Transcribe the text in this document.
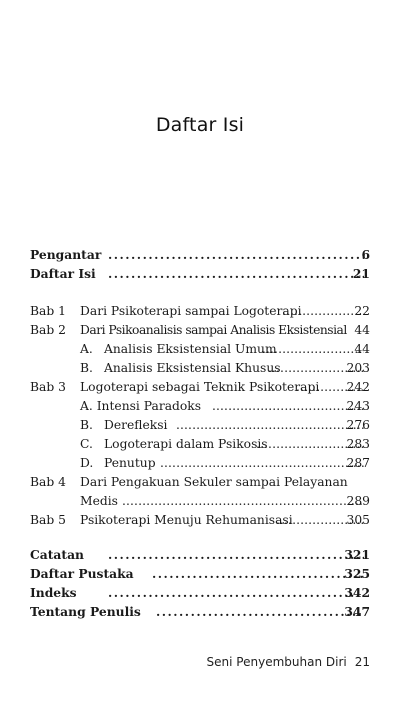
Daftar Isi
Pengantar . . .	6
Daftar Isi . . .	21
Bab 1 Dari Psikoterapi sampai Logoterapi . . .	22
Bab 2 Dari Psikoanalisis sampai Analisis Eksistensial 44
A. Analisis Eksistensial Umum . . .	44
B. Analisis Eksistensial Khusus . . .	203
Bab 3 Logoterapi sebagai Teknik Psikoterapi . . .	242
A. Intensi Paradoks . . .	243
B. Derefleksi . . .	276
C. Logoterapi dalam Psikosis . . .	283
D. Penutup . . .	287
Bab 4 Dari Pengakuan Sekuler sampai Pelayanan
Medis . . .	289
Bab 5 Psikoterapi Menuju Rehumanisasi . . .	305
Catatan . . .	321
Daftar Pustaka . . .	325
Indeks . . .	342
Tentang Penulis . . .	347
Seni Penyembuhan Diri 21
